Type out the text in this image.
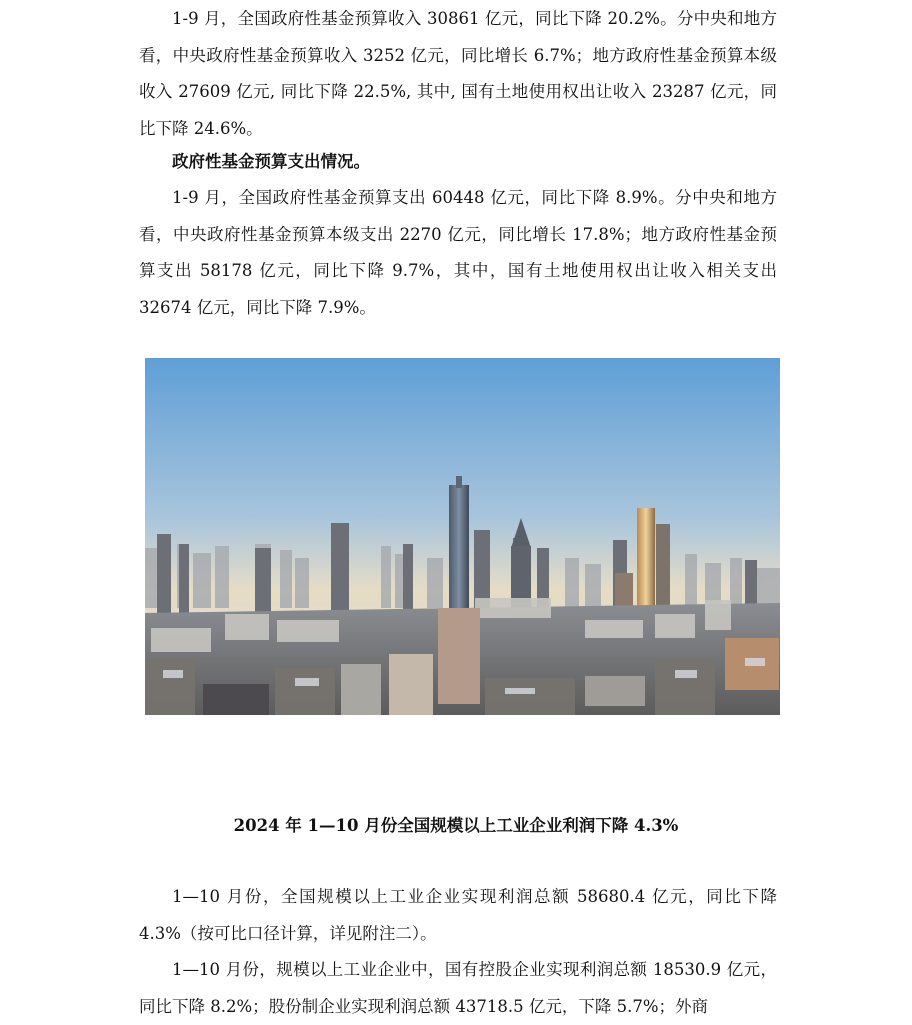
1-9 月，全国政府性基金预算收入 30861 亿元，同比下降 20.2%。分中央和地方看，中央政府性基金预算收入 3252 亿元，同比增长 6.7%；地方政府性基金预算本级收入 27609 亿元, 同比下降 22.5%, 其中, 国有土地使用权出让收入 23287 亿元，同比下降 24.6%。

政府性基金预算支出情况。

1-9 月，全国政府性基金预算支出 60448 亿元，同比下降 8.9%。分中央和地方看，中央政府性基金预算本级支出 2270 亿元，同比增长 17.8%；地方政府性基金预算支出 58178 亿元，同比下降 9.7%，其中，国有土地使用权出让收入相关支出 32674 亿元，同比下降 7.9%。

2024 年 1—10 月份全国规模以上工业企业利润下降 4.3%

1—10 月份，全国规模以上工业企业实现利润总额 58680.4 亿元，同比下降 4.3%（按可比口径计算，详见附注二）。

1—10 月份，规模以上工业企业中，国有控股企业实现利润总额 18530.9 亿元，同比下降 8.2%；股份制企业实现利润总额 43718.5 亿元，下降 5.7%；外商
